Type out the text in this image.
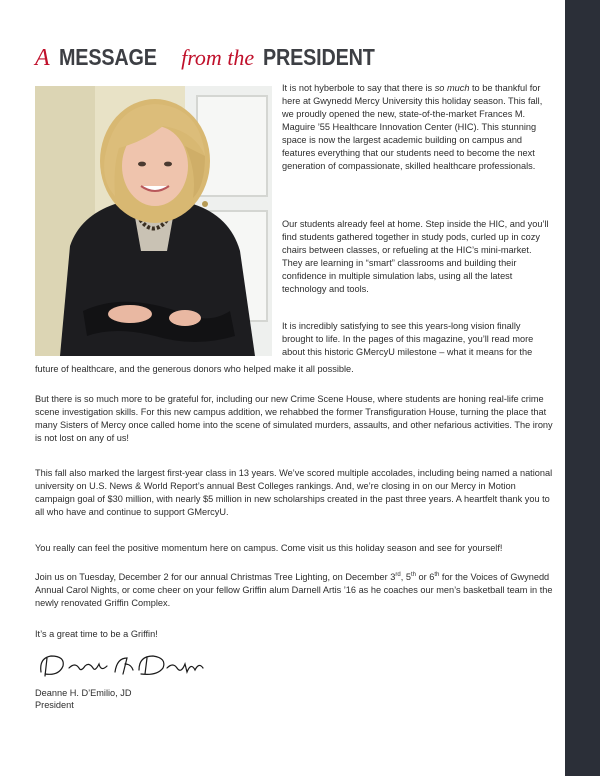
A MESSAGE from the PRESIDENT

It is not hyberbole to say that there is so much to be thankful for here at Gwynedd Mercy University this holiday season. This fall, we proudly opened the new, state-of-the-market Frances M. Maguire ’55 Healthcare Innovation Center (HIC). This stunning space is now the largest academic building on campus and features everything that our students need to become the next generation of compassionate, skilled healthcare professionals.

Our students already feel at home. Step inside the HIC, and you’ll find students gathered together in study pods, curled up in cozy chairs between classes, or refueling at the HIC’s mini-market. They are learning in “smart” classrooms and building their confidence in multiple simulation labs, using all the latest technology and tools.

It is incredibly satisfying to see this years-long vision finally brought to life. In the pages of this magazine, you’ll read more about this historic GMercyU milestone – what it means for the

future of healthcare, and the generous donors who helped make it all possible.

But there is so much more to be grateful for, including our new Crime Scene House, where students are honing real-life crime scene investigation skills. For this new campus addition, we rehabbed the former Transfiguration House, turning the place that many Sisters of Mercy once called home into the scene of simulated murders, assaults, and other nefarious activities. The irony is not lost on any of us!

This fall also marked the largest first-year class in 13 years. We’ve scored multiple accolades, including being named a national university on U.S. News & World Report’s annual Best Colleges rankings. And, we’re closing in on our Mercy in Motion campaign goal of $30 million, with nearly $5 million in new scholarships created in the past three years. A heartfelt thank you to all who have and continue to support GMercyU.

You really can feel the positive momentum here on campus. Come visit us this holiday season and see for yourself!

Join us on Tuesday, December 2 for our annual Christmas Tree Lighting, on December 3rd, 5th or 6th for the Voices of Gwynedd Annual Carol Nights, or come cheer on your fellow Griffin alum Darnell Artis ’16 as he coaches our men’s basketball team in the newly renovated Griffin Complex.

It’s a great time to be a Griffin!

Deanne H. D’Emilio, JD
President
